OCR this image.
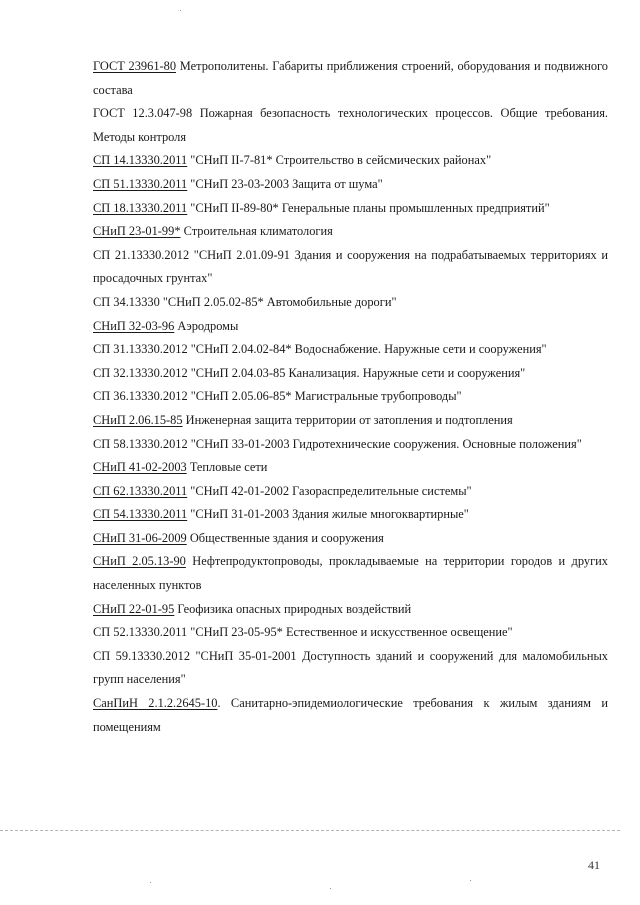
ГОСТ 23961-80 Метрополитены. Габариты приближения строений, оборудования и подвижного состава
ГОСТ 12.3.047-98 Пожарная безопасность технологических процессов. Общие требования. Методы контроля
СП 14.13330.2011 "СНиП II-7-81* Строительство в сейсмических районах"
СП 51.13330.2011 "СНиП 23-03-2003 Защита от шума"
СП 18.13330.2011 "СНиП II-89-80* Генеральные планы промышленных предприятий"
СНиП 23-01-99* Строительная климатология
СП 21.13330.2012 "СНиП 2.01.09-91 Здания и сооружения на подрабатываемых территориях и просадочных грунтах"
СП 34.13330 "СНиП 2.05.02-85* Автомобильные дороги"
СНиП 32-03-96 Аэродромы
СП 31.13330.2012 "СНиП 2.04.02-84* Водоснабжение. Наружные сети и сооружения"
СП 32.13330.2012 "СНиП 2.04.03-85 Канализация. Наружные сети и сооружения"
СП 36.13330.2012 "СНиП 2.05.06-85* Магистральные трубопроводы"
СНиП 2.06.15-85 Инженерная защита территории от затопления и подтопления
СП 58.13330.2012 "СНиП 33-01-2003 Гидротехнические сооружения. Основные положения"
СНиП 41-02-2003 Тепловые сети
СП 62.13330.2011 "СНиП 42-01-2002 Газораспределительные системы"
СП 54.13330.2011 "СНиП 31-01-2003 Здания жилые многоквартирные"
СНиП 31-06-2009 Общественные здания и сооружения
СНиП 2.05.13-90 Нефтепродуктопроводы, прокладываемые на территории городов и других населенных пунктов
СНиП 22-01-95 Геофизика опасных природных воздействий
СП 52.13330.2011 "СНиП 23-05-95* Естественное и искусственное освещение"
СП 59.13330.2012 "СНиП 35-01-2001 Доступность зданий и сооружений для маломобильных групп населения"
СанПиН 2.1.2.2645-10. Санитарно-эпидемиологические требования к жилым зданиям и помещениям
41
